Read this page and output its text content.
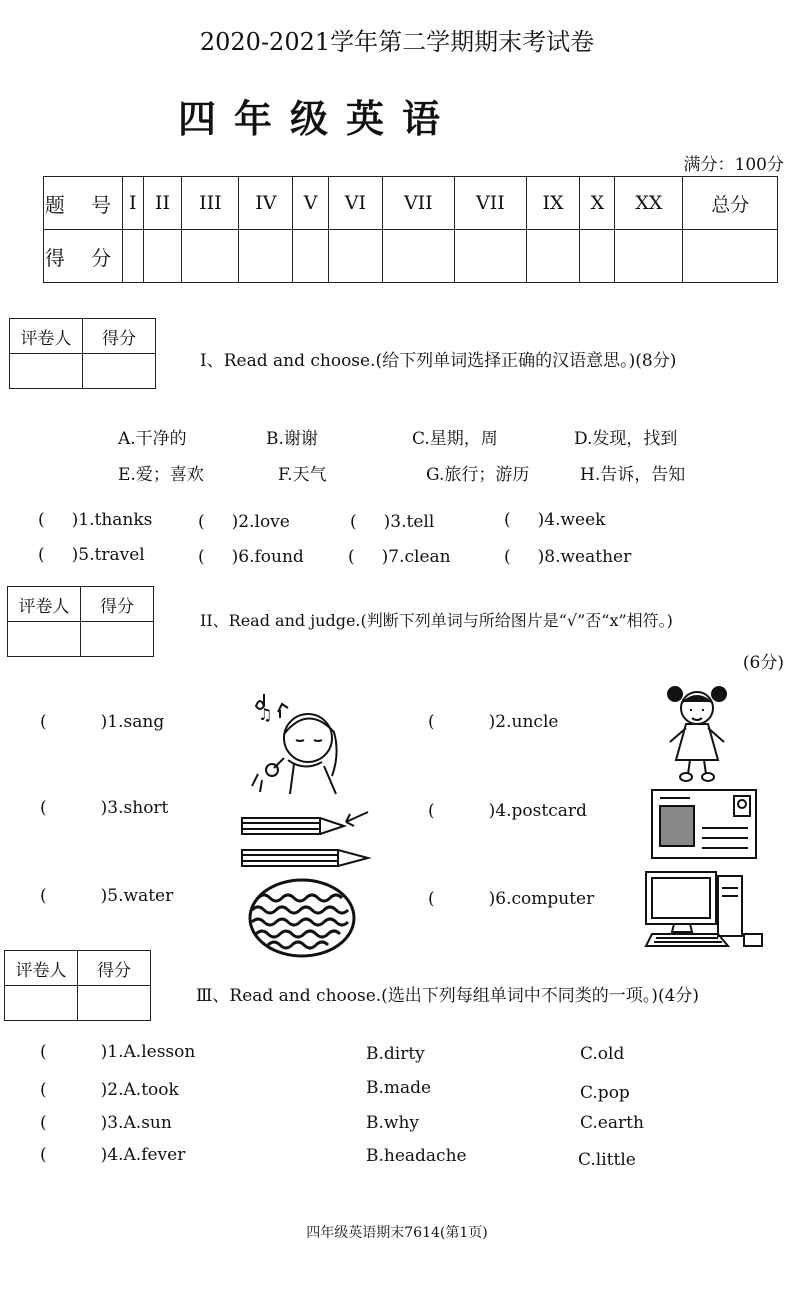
2020-2021学年第二学期期末考试卷
四年级英语
满分：100分
题 号	I	II	III	IV	V	VI	VII	VII	IX	X	XX	总分
得 分												
评卷人	得分

I、Read and choose.(给下列单词选择正确的汉语意思。)(8分)
A.干净的	B.谢谢	C.星期，周	D.发现，找到
E.爱；喜欢	F.天气	G.旅行；游历	H.告诉，告知
(     )1.thanks	(     )2.love	(     )3.tell	(     )4.week
(     )5.travel	(     )6.found	(     )7.clean	(     )8.weather
评卷人	得分

II、Read and judge.(判断下列单词与所给图片是“√”否“x”相符。)
(6分)
(          )1.sang	(          )2.uncle
(          )3.short	(          )4.postcard
(          )5.water	(          )6.computer
♫
评卷人	得分

Ⅲ、Read and choose.(选出下列每组单词中不同类的一项。)(4分)
(          )1.A.lesson	B.dirty	C.old
(          )2.A.took	B.made	C.pop
(          )3.A.sun	B.why	C.earth
(          )4.A.fever	B.headache	C.little
四年级英语期末7614(第1页)
